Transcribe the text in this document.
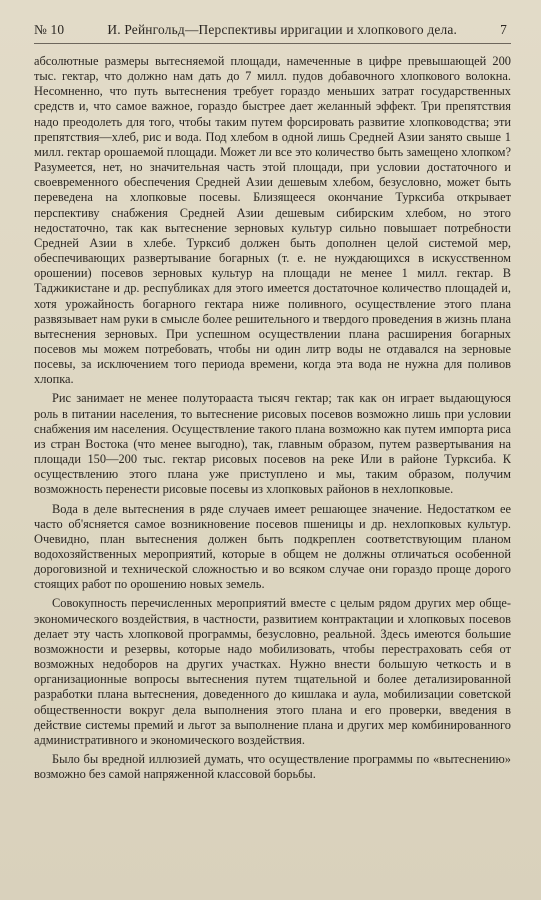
№ 10	И. Рейнгольд—Перспективы ирригации и хлопкового дела.	7

абсолютные размеры вытесняемой площади, намеченные в цифре превышающей 200 тыс. гектар, что должно нам дать до 7 милл. пудов добавочного хлопкового волокна. Несомненно, что путь вытеснения требует гораздо меньших затрат государственных средств и, что самое важное, гораздо быстрее дает желанный эффект. Три препятствия надо преодолеть для того, чтобы таким путем форсировать развитие хлопководства; эти препятствия—хлеб, рис и вода. Под хлебом в одной лишь Средней Азии занято свыше 1 милл. гектар орошаемой площади. Может ли все это количество быть замещено хлопком? Разумеется, нет, но значительная часть этой площади, при условии достаточного и своевременного обеспечения Средней Азии дешевым хлебом, безусловно, может быть переведена на хлопковые посевы. Близящееся окончание Турксиба открывает перспективу снабжения Средней Азии дешевым сибирским хлебом, но этого недостаточно, так как вытеснение зерновых культур сильно повышает потребности Средней Азии в хлебе. Турксиб должен быть дополнен целой системой мер, обеспечивающих развертывание богарных (т. е. не нуждающихся в искусственном орошении) посевов зерновых культур на площади не менее 1 милл. гектар. В Таджикистане и др. республиках для этого имеется достаточное количество площадей и, хотя урожайность богарного гектара ниже поливного, осуществление этого плана развязывает нам руки в смысле более решительного и твердого проведения в жизнь плана вытеснения зерновых. При успешном осуществлении плана расширения богарных посевов мы можем потребовать, чтобы ни один литр воды не отдавался на зерновые посевы, за исключением того периода времени, когда эта вода не нужна для поливов хлопка.

Рис занимает не менее полуторааста тысяч гектар; так как он играет выдающуюся роль в питании населения, то вытеснение рисовых посевов возможно лишь при условии снабжения им населения. Осуществление такого плана возможно как путем импорта риса из стран Востока (что менее выгодно), так, главным образом, путем развертывания на площади 150—200 тыс. гектар рисовых посевов на реке Или в районе Турксиба. К осуществлению этого плана уже приступлено и мы, таким образом, получим возможность перенести рисовые посевы из хлопковых районов в нехлопковые.

Вода в деле вытеснения в ряде случаев имеет решающее значение. Недостатком ее часто об'ясняется самое возникновение посевов пшеницы и др. нехлопковых культур. Очевидно, план вытеснения должен быть подкреплен соответствующим планом водохозяйственных мероприятий, которые в общем не должны отличаться особенной дороговизной и технической сложностью и во всяком случае они гораздо проще дорого стоящих работ по орошению новых земель.

Совокупность перечисленных мероприятий вместе с целым рядом других мер обще-экономического воздействия, в частности, развитием контрактации и хлопковых посевов делает эту часть хлопковой программы, безусловно, реальной. Здесь имеются большие возможности и резервы, которые надо мобилизовать, чтобы перестраховать себя от возможных недоборов на других участках. Нужно внести большую четкость и в организационные вопросы вытеснения путем тщательной и более детализированной разработки плана вытеснения, доведенного до кишлака и аула, мобилизации советской общественности вокруг дела выполнения этого плана и его проверки, введения в действие системы премий и льгот за выполнение плана и других мер комбинированного административного и экономического воздействия.

Было бы вредной иллюзией думать, что осуществление программы по «вытеснению» возможно без самой напряженной классовой борьбы.
